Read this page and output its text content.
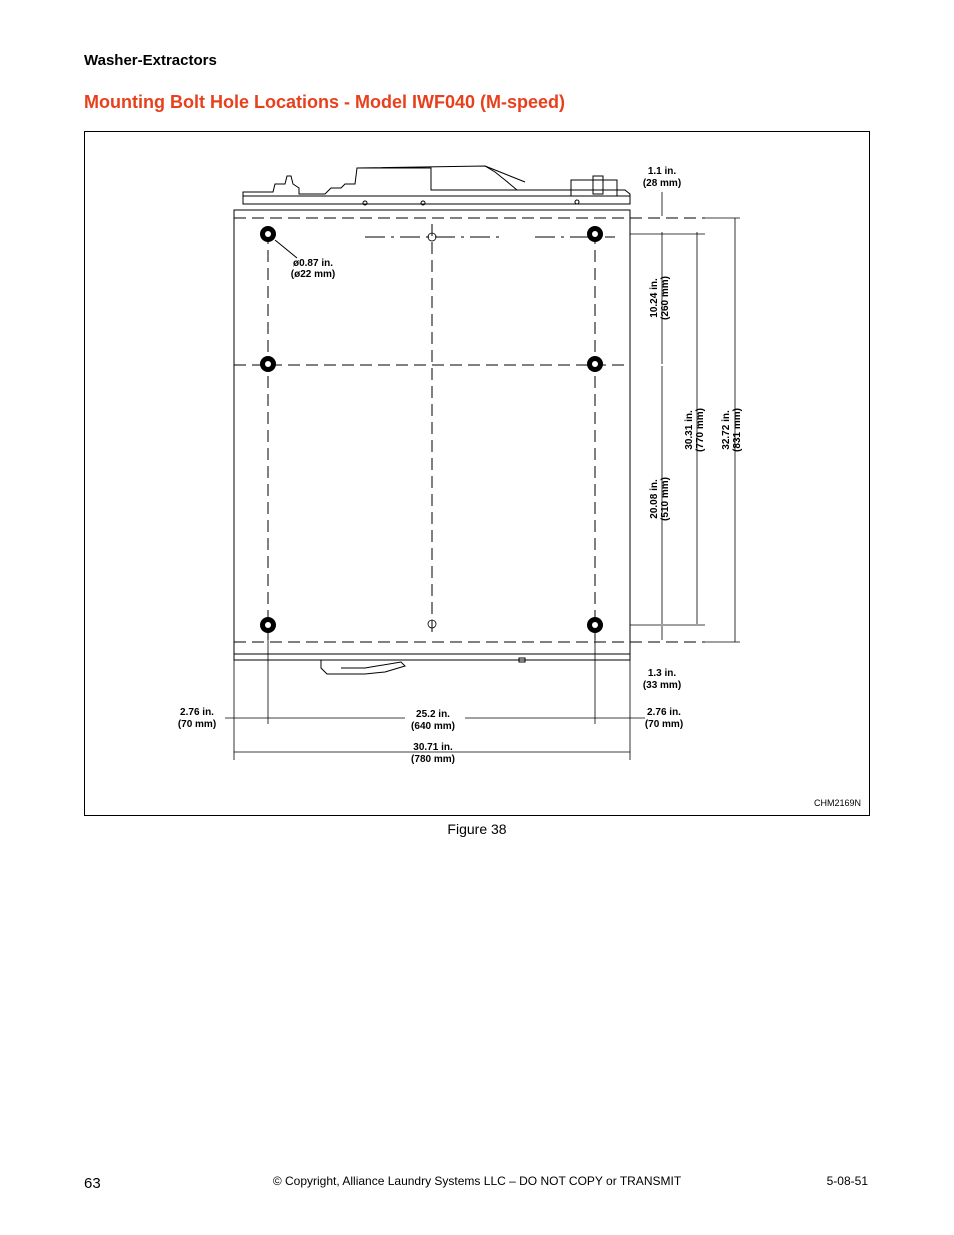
Washer-Extractors
Mounting Bolt Hole Locations - Model IWF040 (M-speed)
1.1 in.
(28 mm)
ø0.87 in.
(ø22 mm)
1.3 in.
(33 mm)
2.76 in.
(70 mm)
25.2 in.
(640 mm)
2.76 in.
(70 mm)
30.71 in.
(780 mm)
10.24 in. (260 mm)
20.08 in. (510 mm)
30.31 in. (770 mm) 32.72 in. (831 mm)
CHM2169N
Figure 38
63	© Copyright, Alliance Laundry Systems LLC – DO NOT COPY or TRANSMIT	5-08-51
